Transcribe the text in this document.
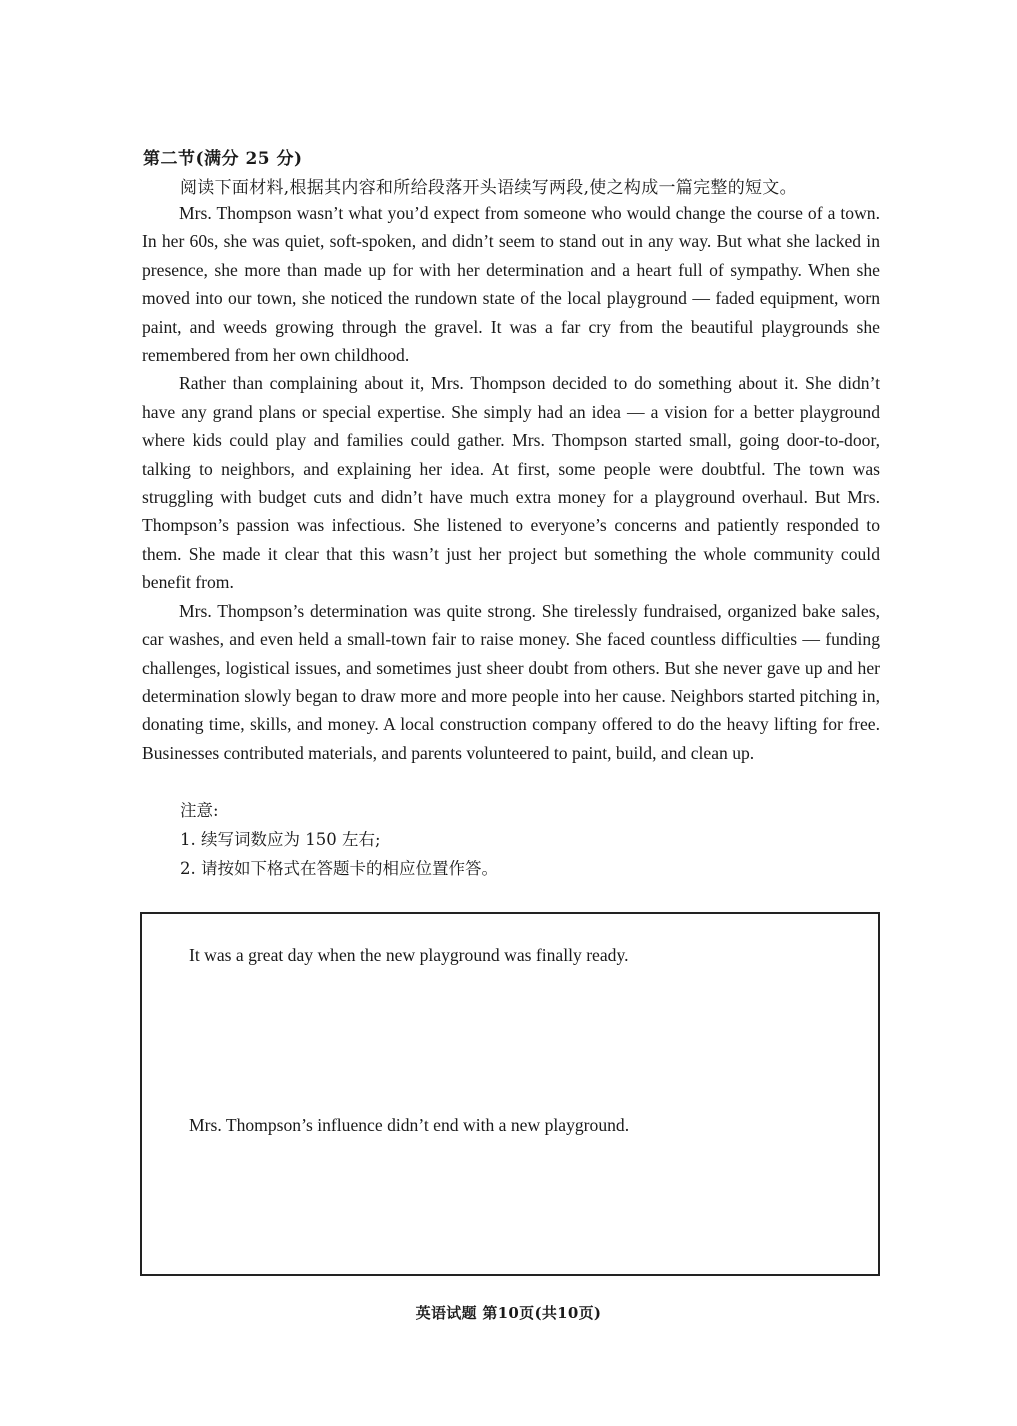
第二节(满分 25 分)
阅读下面材料,根据其内容和所给段落开头语续写两段,使之构成一篇完整的短文。

Mrs. Thompson wasn’t what you’d expect from someone who would change the course of a town. In her 60s, she was quiet, soft-spoken, and didn’t seem to stand out in any way. But what she lacked in presence, she more than made up for with her determination and a heart full of sympathy. When she moved into our town, she noticed the rundown state of the local playground — faded equipment, worn paint, and weeds growing through the gravel. It was a far cry from the beautiful playgrounds she remembered from her own childhood.

Rather than complaining about it, Mrs. Thompson decided to do something about it. She didn’t have any grand plans or special expertise. She simply had an idea — a vision for a better playground where kids could play and families could gather. Mrs. Thompson started small, going door-to-door, talking to neighbors, and explaining her idea. At first, some people were doubtful. The town was struggling with budget cuts and didn’t have much extra money for a playground overhaul. But Mrs. Thompson’s passion was infectious. She listened to everyone’s concerns and patiently responded to them. She made it clear that this wasn’t just her project but something the whole community could benefit from.

Mrs. Thompson’s determination was quite strong. She tirelessly fundraised, organized bake sales, car washes, and even held a small-town fair to raise money. She faced countless difficulties — funding challenges, logistical issues, and sometimes just sheer doubt from others. But she never gave up and her determination slowly began to draw more and more people into her cause. Neighbors started pitching in, donating time, skills, and money. A local construction company offered to do the heavy lifting for free. Businesses contributed materials, and parents volunteered to paint, build, and clean up.

注意:
1. 续写词数应为 150 左右;
2. 请按如下格式在答题卡的相应位置作答。
It was a great day when the new playground was finally ready.
Mrs. Thompson’s influence didn’t end with a new playground.
英语试题 第10页(共10页)
